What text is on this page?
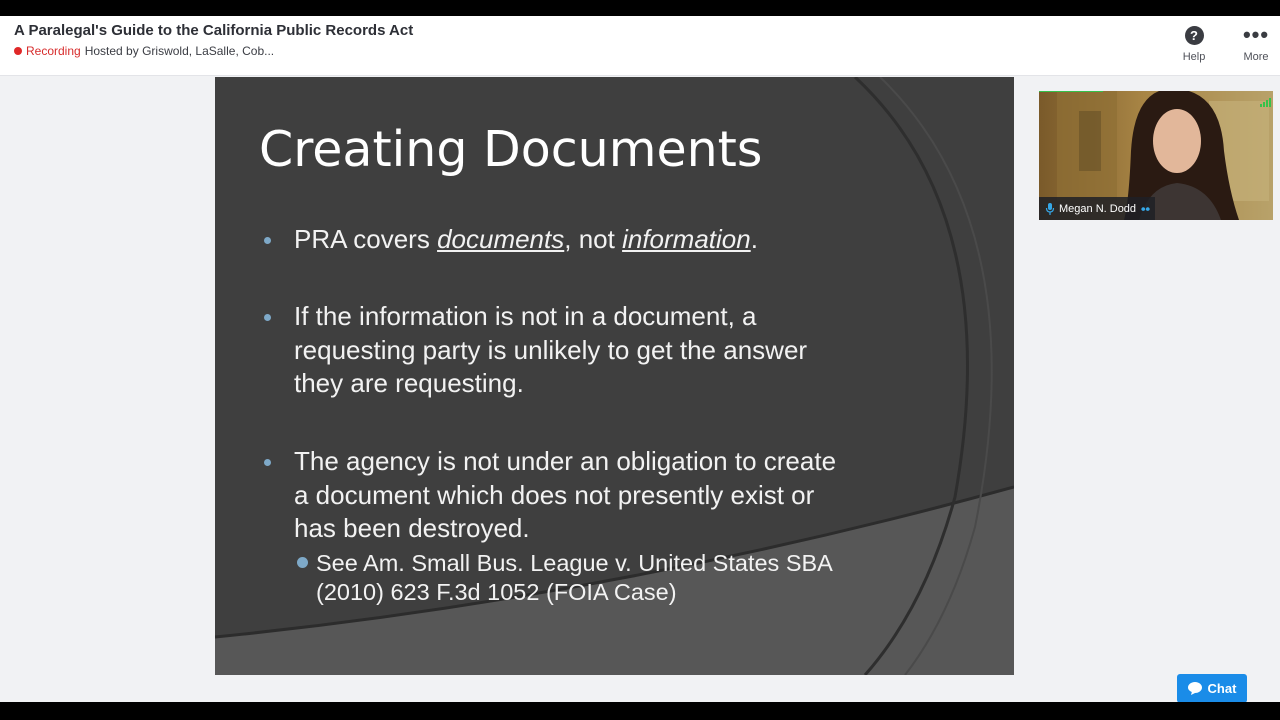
A Paralegal's Guide to the California Public Records Act
Recording Hosted by Griswold, LaSalle, Cob...
?
Help
•••
More
Creating Documents
PRA covers documents, not information.
If the information is not in a document, a
requesting party is unlikely to get the answer
they are requesting.
The agency is not under an obligation to create
a document which does not presently exist or
has been destroyed.
See Am. Small Bus. League v. United States SBA
(2010) 623 F.3d 1052 (FOIA Case)
Megan N. Dodd ⦁⦁
Chat
